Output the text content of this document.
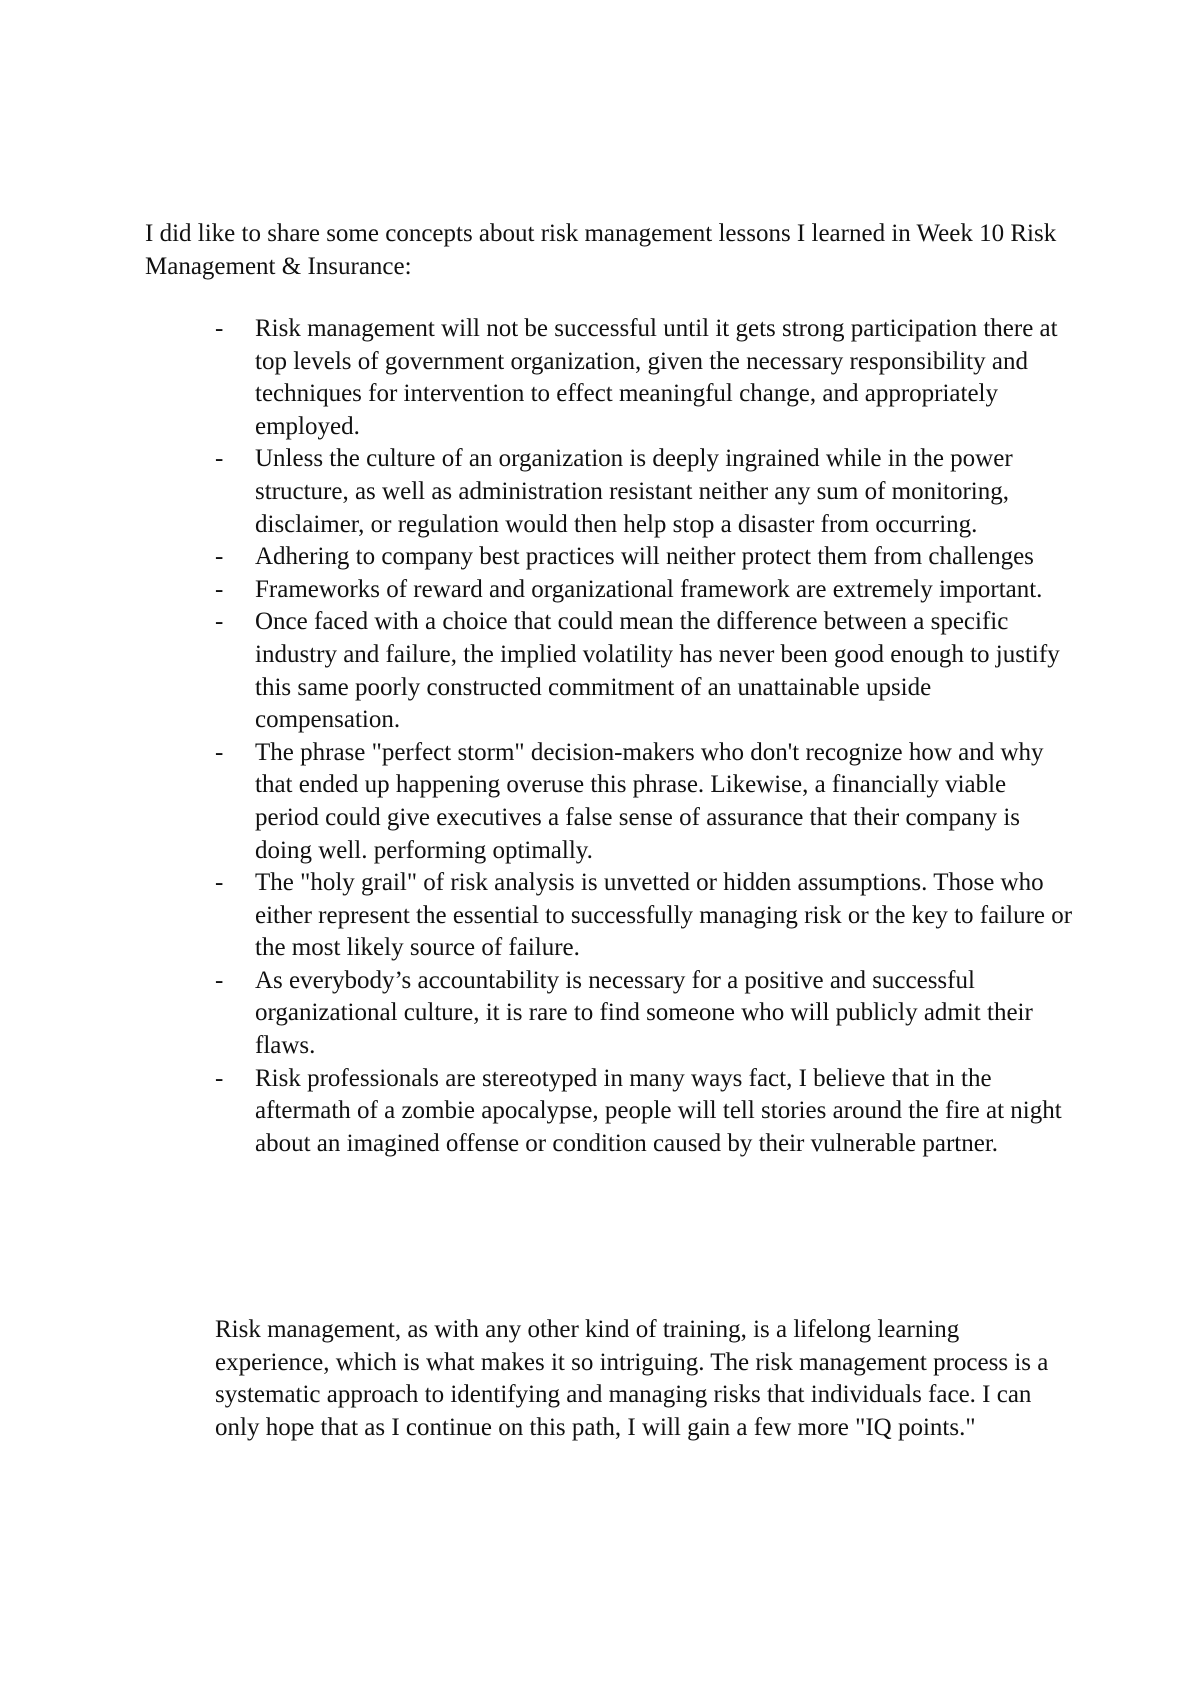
I did like to share some concepts about risk management lessons I learned in Week 10 Risk Management & Insurance:

-	Risk management will not be successful until it gets strong participation there at top levels of government organization, given the necessary responsibility and techniques for intervention to effect meaningful change, and appropriately employed.
-	Unless the culture of an organization is deeply ingrained while in the power structure, as well as administration resistant neither any sum of monitoring, disclaimer, or regulation would then help stop a disaster from occurring.
-	Adhering to company best practices will neither protect them from challenges
-	Frameworks of reward and organizational framework are extremely important.
-	Once faced with a choice that could mean the difference between a specific industry and failure, the implied volatility has never been good enough to justify this same poorly constructed commitment of an unattainable upside compensation.
-	The phrase "perfect storm" decision-makers who don't recognize how and why that ended up happening overuse this phrase. Likewise, a financially viable period could give executives a false sense of assurance that their company is doing well. performing optimally.
-	The "holy grail" of risk analysis is unvetted or hidden assumptions. Those who either represent the essential to successfully managing risk or the key to failure or the most likely source of failure.
-	As everybody’s accountability is necessary for a positive and successful organizational culture, it is rare to find someone who will publicly admit their flaws.
-	Risk professionals are stereotyped in many ways fact, I believe that in the aftermath of a zombie apocalypse, people will tell stories around the fire at night about an imagined offense or condition caused by their vulnerable partner.

Risk management, as with any other kind of training, is a lifelong learning experience, which is what makes it so intriguing. The risk management process is a systematic approach to identifying and managing risks that individuals face. I can only hope that as I continue on this path, I will gain a few more "IQ points."
